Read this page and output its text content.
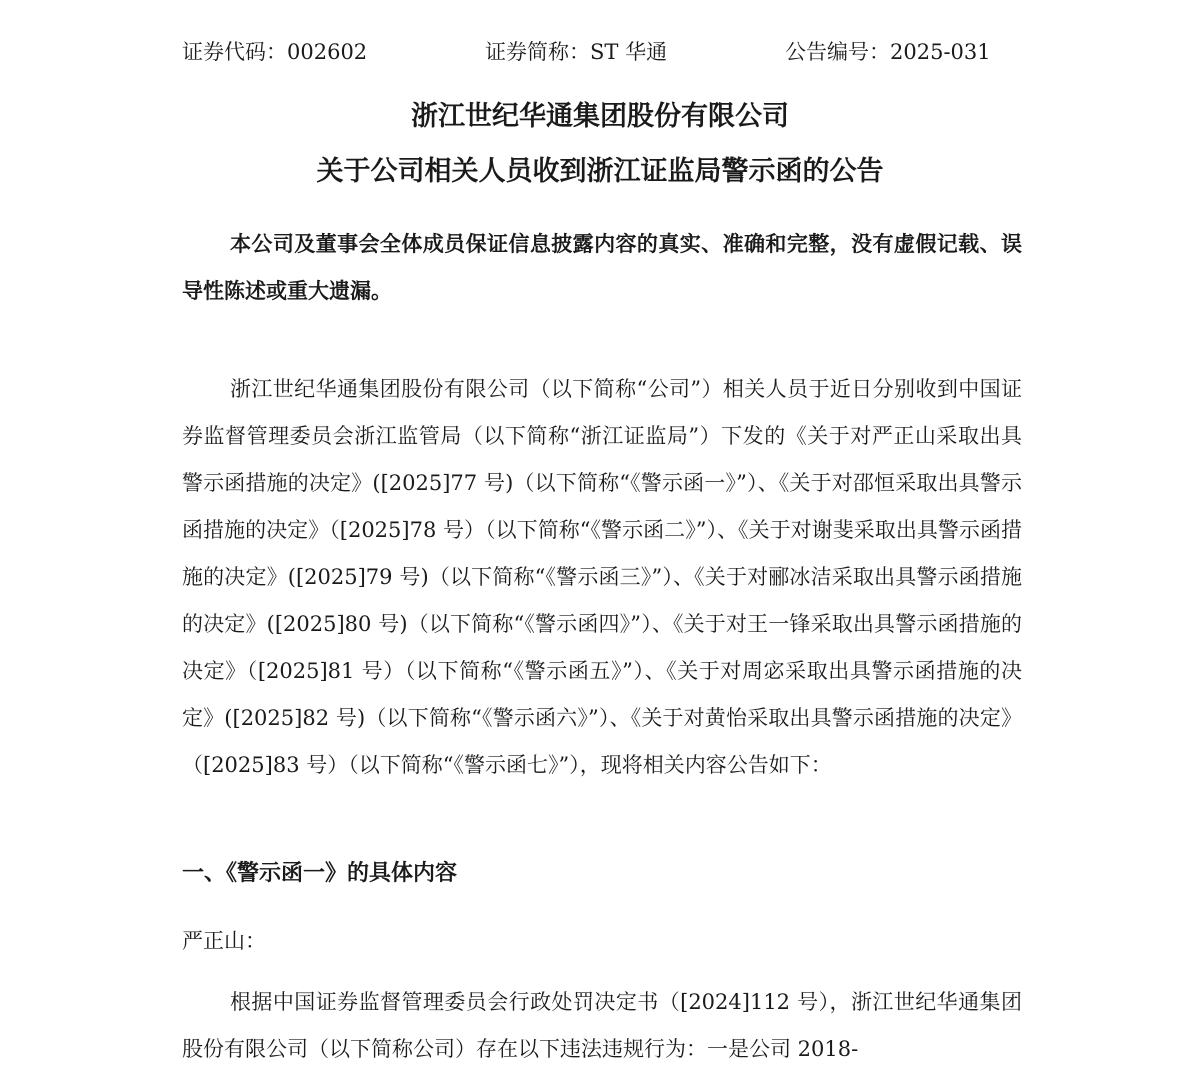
证券代码：002602	证券简称：ST 华通	公告编号：2025-031
浙江世纪华通集团股份有限公司
关于公司相关人员收到浙江证监局警示函的公告
本公司及董事会全体成员保证信息披露内容的真实、准确和完整，没有虚假记载、误导性陈述或重大遗漏。
浙江世纪华通集团股份有限公司（以下简称“公司”）相关人员于近日分别收到中国证券监督管理委员会浙江监管局（以下简称“浙江证监局”）下发的《关于对严正山采取出具警示函措施的决定》([2025]77 号)（以下简称“《警示函一》”）、《关于对邵恒采取出具警示函措施的决定》（[2025]78 号）（以下简称“《警示函二》”）、《关于对谢斐采取出具警示函措施的决定》([2025]79 号)（以下简称“《警示函三》”）、《关于对郦冰洁采取出具警示函措施的决定》([2025]80 号)（以下简称“《警示函四》”）、《关于对王一锋采取出具警示函措施的决定》（[2025]81 号）（以下简称“《警示函五》”）、《关于对周宓采取出具警示函措施的决定》([2025]82 号)（以下简称“《警示函六》”）、《关于对黄怡采取出具警示函措施的决定》（[2025]83 号）（以下简称“《警示函七》”），现将相关内容公告如下：
一、《警示函一》的具体内容
严正山：
根据中国证券监督管理委员会行政处罚决定书（[2024]112 号），浙江世纪华通集团股份有限公司（以下简称公司）存在以下违法违规行为：一是公司 2018-
